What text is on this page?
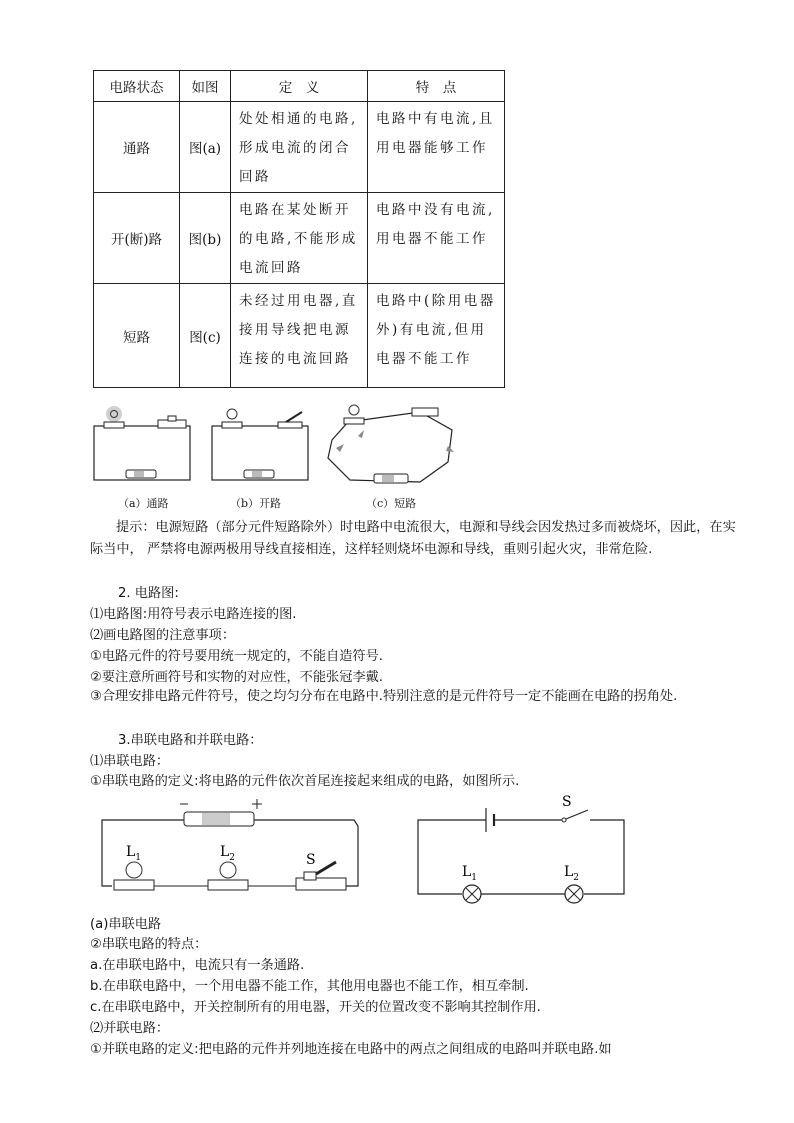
电路状态	如图	定　义	特　点
通路	图(a)	处处相通的电路,形成电流的闭合回路	电路中有电流,且用电器能够工作
开(断)路	图(b)	电路在某处断开的电路,不能形成电流回路	电路中没有电流,用电器不能工作
短路	图(c)	未经过用电器,直接用导线把电源连接的电流回路	电路中(除用电器外)有电流,但用电器不能工作
（a）通路	（b）开路	（c）短路
提示：电源短路（部分元件短路除外）时电路中电流很大，电源和导线会因发热过多而被烧坏，因此，在实际当中， 严禁将电源两极用导线直接相连，这样轻则烧坏电源和导线，重则引起火灾，非常危险.
2. 电路图:
⑴电路图:用符号表示电路连接的图.
⑵画电路图的注意事项：
①电路元件的符号要用统一规定的，不能自造符号.
②要注意所画符号和实物的对应性，不能张冠李戴.
③合理安排电路元件符号，使之均匀分布在电路中.特别注意的是元件符号一定不能画在电路的拐角处.
3.串联电路和并联电路：
⑴串联电路：
①串联电路的定义:将电路的元件依次首尾连接起来组成的电路，如图所示.
$L_1$	$L_2$	S
S
$L_1$	$L_2$
(a)串联电路
②串联电路的特点：
a.在串联电路中，电流只有一条通路.
b.在串联电路中，一个用电器不能工作，其他用电器也不能工作，相互牵制.
c.在串联电路中，开关控制所有的用电器，开关的位置改变不影响其控制作用.
⑵并联电路：
①并联电路的定义:把电路的元件并列地连接在电路中的两点之间组成的电路叫并联电路.如
